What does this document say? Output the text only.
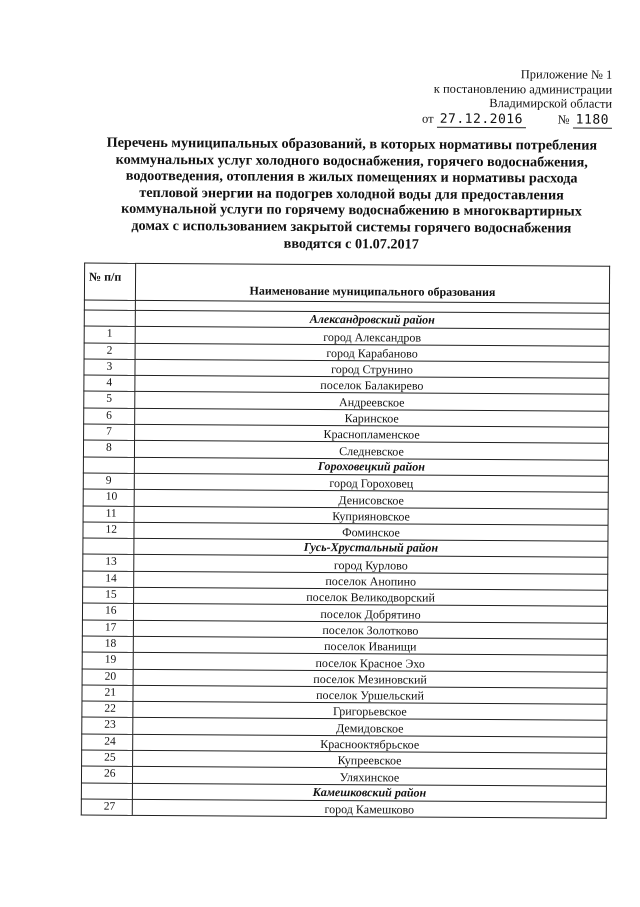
Приложение № 1
к постановлению администрации
Владимирской области
от 27.12.2016	№ 1180
Перечень муниципальных образований, в которых нормативы потребления
коммунальных услуг холодного водоснабжения, горячего водоснабжения,
водоотведения, отопления в жилых помещениях и нормативы расхода
тепловой энергии на подогрев холодной воды для предоставления
коммунальной услуги по горячему водоснабжению в многоквартирных
домах с использованием закрытой системы горячего водоснабжения
вводятся с 01.07.2017
№ п/п	Наименование муниципального образования

	Александровский район
1	город Александров
2	город Карабаново
3	город Струнино
4	поселок Балакирево
5	Андреевское
6	Каринское
7	Краснопламенское
8	Следневское
	Гороховецкий район
9	город Гороховец
10	Денисовское
11	Куприяновское
12	Фоминское
	Гусь-Хрустальный район
13	город Курлово
14	поселок Анопино
15	поселок Великодворский
16	поселок Добрятино
17	поселок Золотково
18	поселок Иванищи
19	поселок Красное Эхо
20	поселок Мезиновский
21	поселок Уршельский
22	Григорьевское
23	Демидовское
24	Краснооктябрьское
25	Купреевское
26	Уляхинское
	Камешковский район
27	город Камешково
